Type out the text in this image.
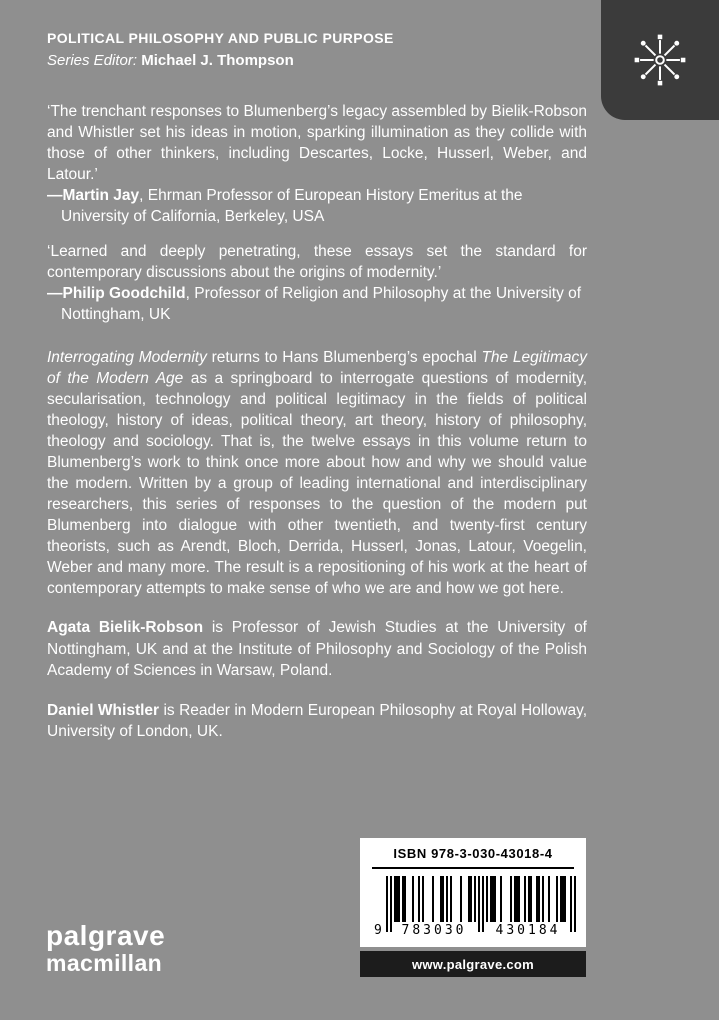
POLITICAL PHILOSOPHY AND PUBLIC PURPOSE

Series Editor: Michael J. Thompson

‘The trenchant responses to Blumenberg’s legacy assembled by Bielik-Robson and Whistler set his ideas in motion, sparking illumination as they collide with those of other thinkers, including Descartes, Locke, Husserl, Weber, and Latour.’

—Martin Jay, Ehrman Professor of European History Emeritus at the University of California, Berkeley, USA

‘Learned and deeply penetrating, these essays set the standard for contemporary discussions about the origins of modernity.’

—Philip Goodchild, Professor of Religion and Philosophy at the University of Nottingham, UK

Interrogating Modernity returns to Hans Blumenberg’s epochal The Legitimacy of the Modern Age as a springboard to interrogate questions of modernity, secularisation, technology and political legitimacy in the fields of political theology, history of ideas, political theory, art theory, history of philosophy, theology and sociology. That is, the twelve essays in this volume return to Blumenberg’s work to think once more about how and why we should value the modern. Written by a group of leading international and interdisciplinary researchers, this series of responses to the question of the modern put Blumenberg into dialogue with other twentieth, and twenty-first century theorists, such as Arendt, Bloch, Derrida, Husserl, Jonas, Latour, Voegelin, Weber and many more. The result is a repositioning of his work at the heart of contemporary attempts to make sense of who we are and how we got here.

Agata Bielik-Robson is Professor of Jewish Studies at the University of Nottingham, UK and at the Institute of Philosophy and Sociology of the Polish Academy of Sciences in Warsaw, Poland.

Daniel Whistler is Reader in Modern European Philosophy at Royal Holloway, University of London, UK.

palgrave
macmillan
ISBN 978-3-030-43018-4
9 783030 430184
www.palgrave.com
